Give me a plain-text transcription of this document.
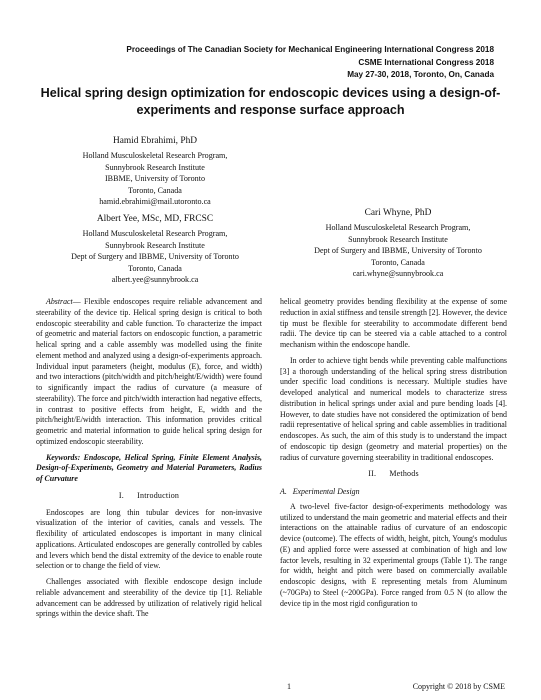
Proceedings of The Canadian Society for Mechanical Engineering International Congress 2018
CSME International Congress 2018
May 27-30, 2018, Toronto, On, Canada
Helical spring design optimization for endoscopic devices using a design-of-
experiments and response surface approach
Hamid Ebrahimi, PhD
Holland Musculoskeletal Research Program,
Sunnybrook Research Institute
IBBME, University of Toronto
Toronto, Canada
hamid.ebrahimi@mail.utoronto.ca
Albert Yee, MSc, MD, FRCSC
Holland Musculoskeletal Research Program,
Sunnybrook Research Institute
Dept of Surgery and IBBME, University of Toronto
Toronto, Canada
albert.yee@sunnybrook.ca
Cari Whyne, PhD
Holland Musculoskeletal Research Program,
Sunnybrook Research Institute
Dept of Surgery and IBBME, University of Toronto
Toronto, Canada
cari.whyne@sunnybrook.ca

Abstract— Flexible endoscopes require reliable advancement and steerability of the device tip. Helical spring design is critical to both endoscopic steerability and cable function. To characterize the impact of geometric and material factors on endoscopic function, a parametric helical spring and a cable assembly was modelled using the finite element method and analyzed using a design-of-experiments approach. Individual input parameters (height, modulus (E), force, and width) and two interactions (pitch/width and pitch/height/E/width) were found to significantly impact the radius of curvature (a measure of steerability). The force and pitch/width interaction had negative effects, in contrast to positive effects from height, E, width and the pitch/height/E/width interaction. This information provides critical geometric and material information to guide helical spring design for optimized endoscopic steerability.

Keywords: Endoscope, Helical Spring, Finite Element Analysis, Design-of-Experiments, Geometry and Material Parameters, Radius of Curvature

I.      Introduction

Endoscopes are long thin tubular devices for non-invasive visualization of the interior of cavities, canals and vessels. The flexibility of articulated endoscopes is important in many clinical applications. Articulated endoscopes are generally controlled by cables and levers which bend the distal extremity of the device to enable route selection or to change the field of view.

Challenges associated with flexible endoscope design include reliable advancement and steerability of the device tip [1]. Reliable advancement can be addressed by utilization of relatively rigid helical springs within the device shaft. The

helical geometry provides bending flexibility at the expense of some reduction in axial stiffness and tensile strength [2]. However, the device tip must be flexible for steerability to accommodate different bend radii. The device tip can be steered via a cable attached to a control mechanism within the endoscope handle.

In order to achieve tight bends while preventing cable malfunctions [3] a thorough understanding of the helical spring stress distribution under specific load conditions is necessary. Multiple studies have developed analytical and numerical models to characterize stress distribution in helical springs under axial and pure bending loads [4]. However, to date studies have not considered the optimization of bend radii representative of helical spring and cable assemblies in traditional endoscopes. As such, the aim of this study is to understand the impact of endoscopic tip design (geometry and material properties) on the radius of curvature governing steerability in traditional endoscopes.

II.      Methods
A.   Experimental Design

A two-level five-factor design-of-experiments methodology was utilized to understand the main geometric and material effects and their interactions on the attainable radius of curvature of an endoscopic device (outcome). The effects of width, height, pitch, Young's modulus (E) and applied force were assessed at combination of high and low factor levels, resulting in 32 experimental groups (Table 1). The range for width, height and pitch were based on commercially available endoscopic designs, with E representing metals from Aluminum (~70GPa) to Steel (~200GPa). Force ranged from 0.5 N (to allow the device tip in the most rigid configuration to

1	Copyright © 2018 by CSME
